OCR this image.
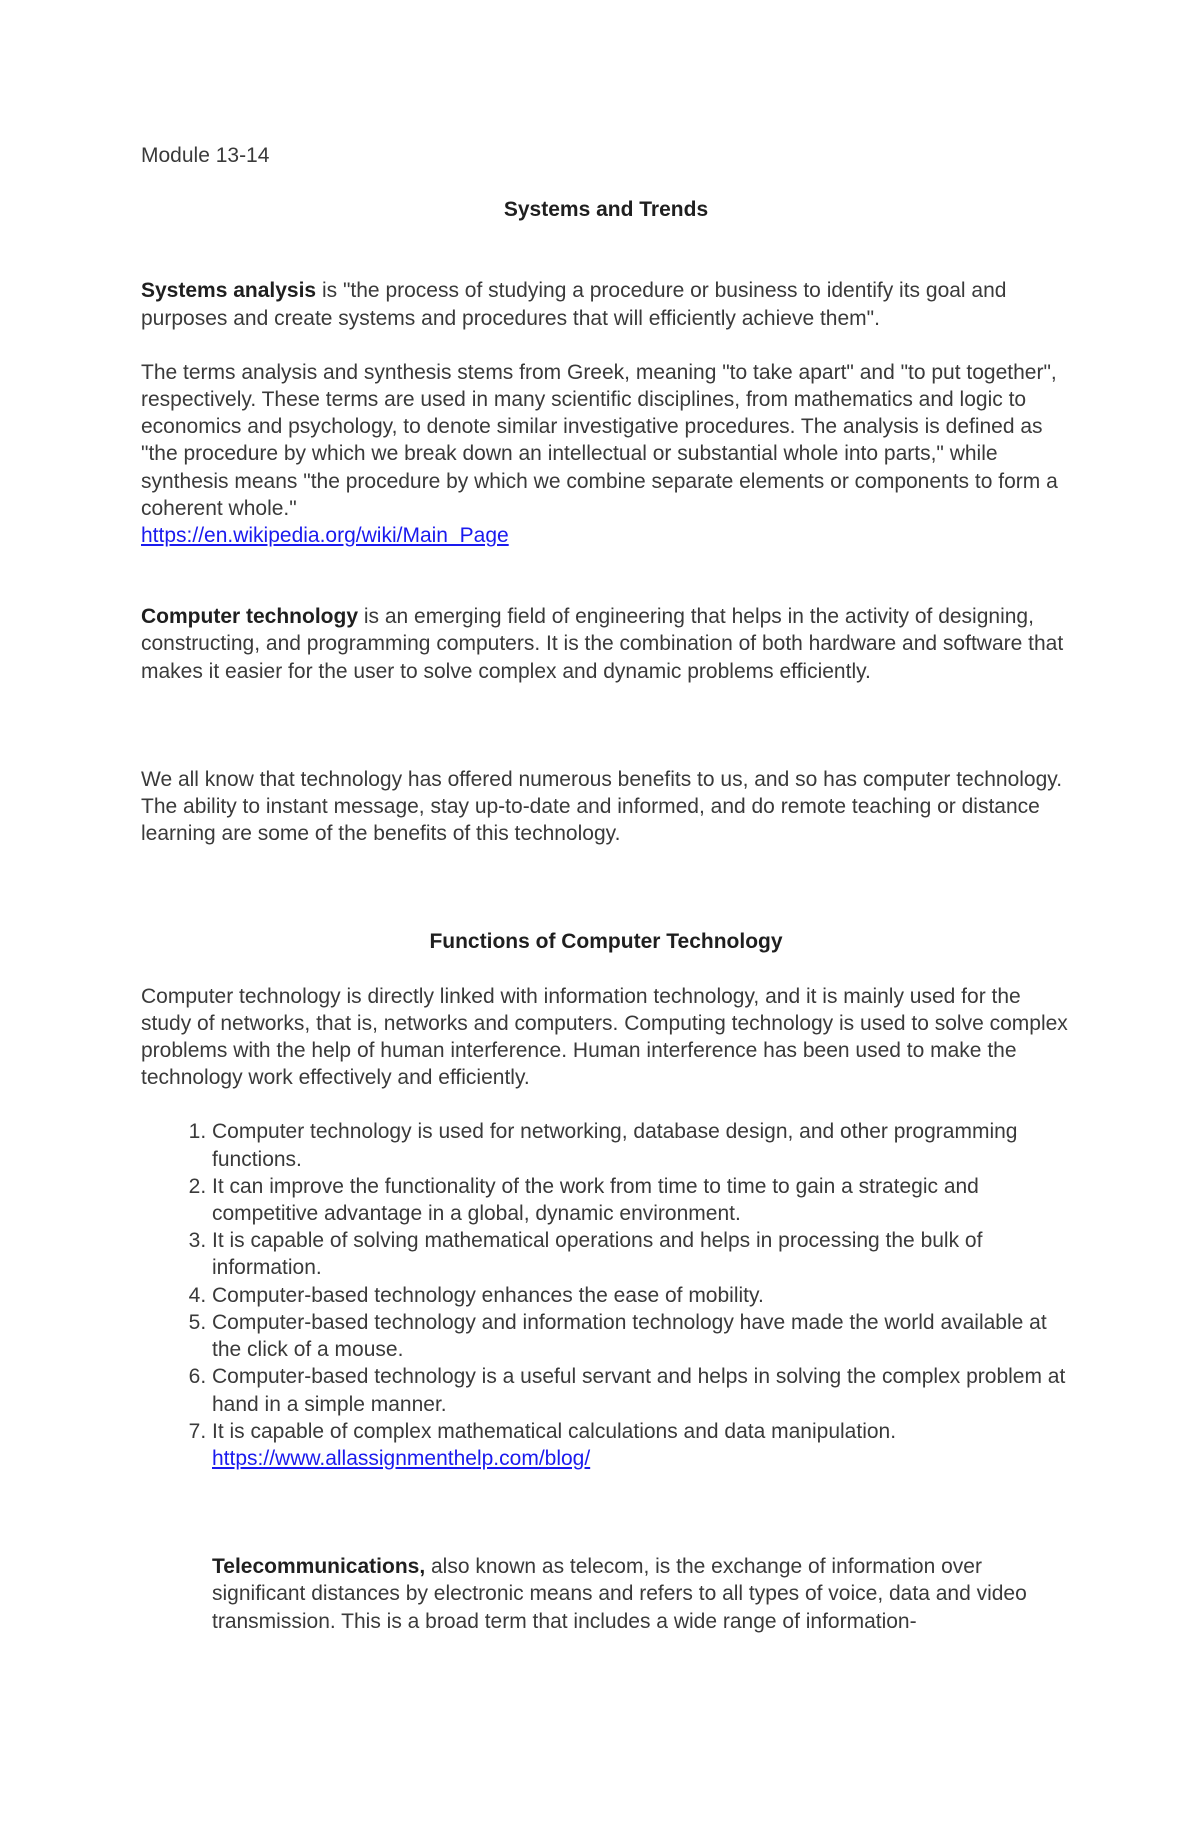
Module 13-14

Systems and Trends

Systems analysis is "the process of studying a procedure or business to identify its goal and purposes and create systems and procedures that will efficiently achieve them".

The terms analysis and synthesis stems from Greek, meaning "to take apart" and "to put together", respectively. These terms are used in many scientific disciplines, from mathematics and logic to economics and psychology, to denote similar investigative procedures. The analysis is defined as "the procedure by which we break down an intellectual or substantial whole into parts," while synthesis means "the procedure by which we combine separate elements or components to form a coherent whole."
https://en.wikipedia.org/wiki/Main_Page

Computer technology is an emerging field of engineering that helps in the activity of designing, constructing, and programming computers. It is the combination of both hardware and software that makes it easier for the user to solve complex and dynamic problems efficiently.

We all know that technology has offered numerous benefits to us, and so has computer technology. The ability to instant message, stay up-to-date and informed, and do remote teaching or distance learning are some of the benefits of this technology.

Functions of Computer Technology

Computer technology is directly linked with information technology, and it is mainly used for the study of networks, that is, networks and computers. Computing technology is used to solve complex problems with the help of human interference. Human interference has been used to make the technology work effectively and efficiently.

1. Computer technology is used for networking, database design, and other programming functions.
2. It can improve the functionality of the work from time to time to gain a strategic and competitive advantage in a global, dynamic environment.
3. It is capable of solving mathematical operations and helps in processing the bulk of information.
4. Computer-based technology enhances the ease of mobility.
5. Computer-based technology and information technology have made the world available at the click of a mouse.
6. Computer-based technology is a useful servant and helps in solving the complex problem at hand in a simple manner.
7. It is capable of complex mathematical calculations and data manipulation.
https://www.allassignmenthelp.com/blog/

Telecommunications, also known as telecom, is the exchange of information over significant distances by electronic means and refers to all types of voice, data and video transmission. This is a broad term that includes a wide range of information-
